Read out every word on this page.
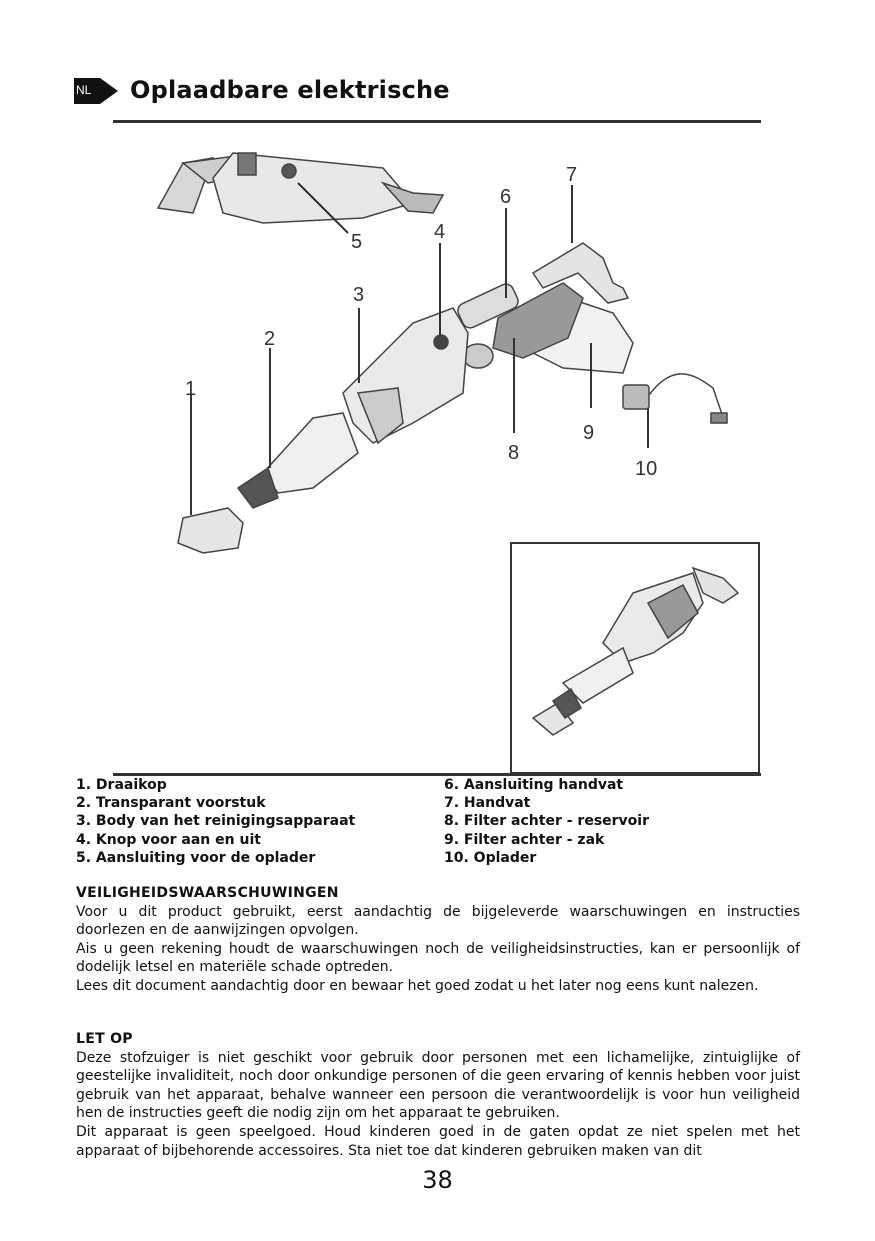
NL Oplaadbare elektrische
1
2
3
4
5
6
7
8
9
10
1. Draaikop
2. Transparant voorstuk
3. Body van het reinigingsapparaat
4. Knop voor aan en uit
5. Aansluiting voor de oplader
6. Aansluiting handvat
7. Handvat
8. Filter achter - reservoir
9. Filter achter - zak
10. Oplader
VEILIGHEIDSWAARSCHUWINGEN

Voor u dit product gebruikt, eerst aandachtig de bijgeleverde waarschuwingen en instructies doorlezen en de aanwijzingen opvolgen.

Ais u geen rekening houdt de waarschuwingen noch de veiligheidsinstructies, kan er persoonlijk of dodelijk letsel en materiële schade optreden.

Lees dit document aandachtig door en bewaar het goed zodat u het later nog eens kunt nalezen.

LET OP

Deze stofzuiger is niet geschikt voor gebruik door personen met een lichamelijke, zintuiglijke of geestelijke invaliditeit, noch door onkundige personen of die geen ervaring of kennis hebben voor juist gebruik van het apparaat, behalve wanneer een persoon die verantwoordelijk is voor hun veiligheid hen de instructies geeft die nodig zijn om het apparaat te gebruiken.

Dit apparaat is geen speelgoed. Houd kinderen goed in de gaten opdat ze niet spelen met het apparaat of bijbehorende accessoires. Sta niet toe dat kinderen gebruiken maken van dit

38
